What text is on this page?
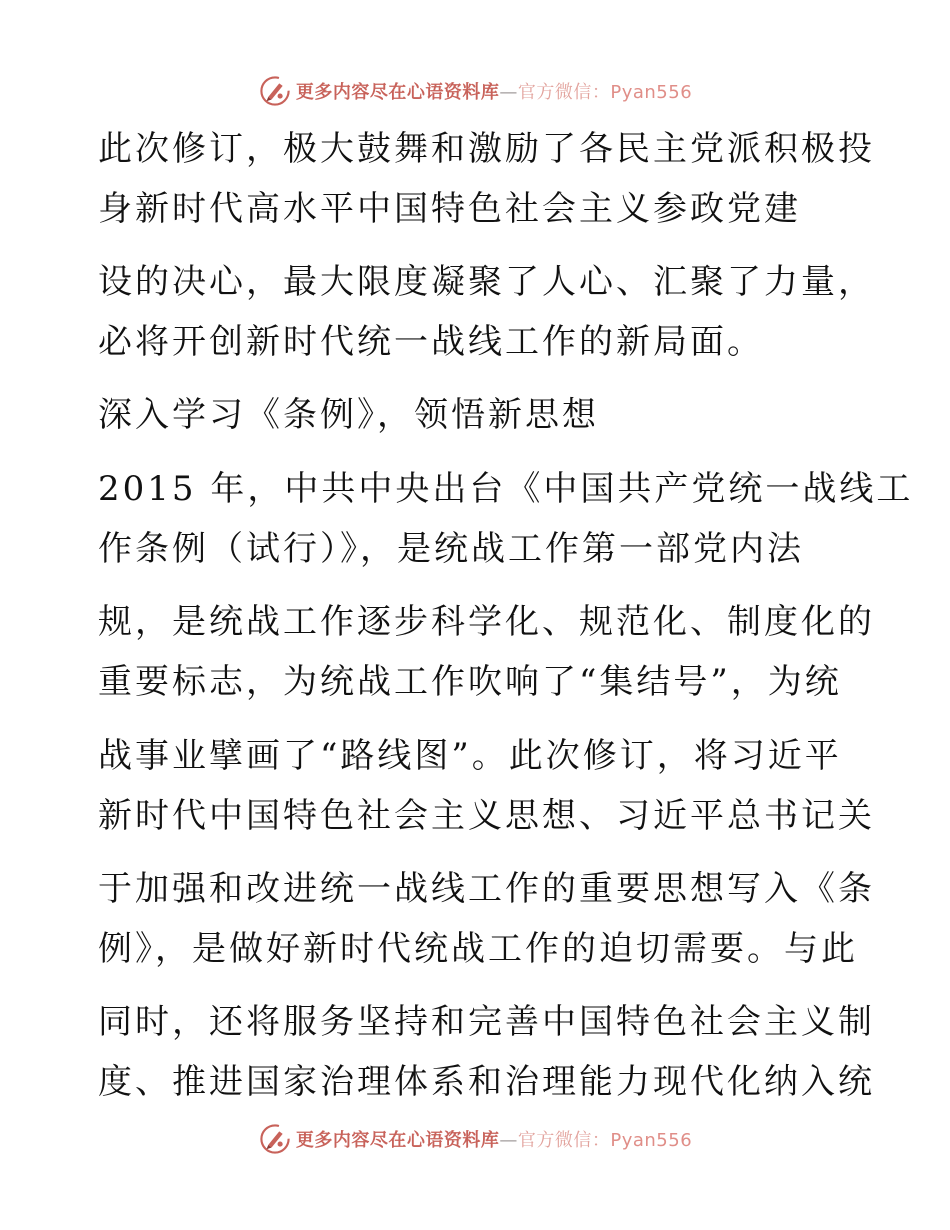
更多内容尽在心语资料库—官方微信：Pyan556
此次修订，极大鼓舞和激励了各民主党派积极投
身新时代高水平中国特色社会主义参政党建
设的决心，最大限度凝聚了人心、汇聚了力量，
必将开创新时代统一战线工作的新局面。
深入学习《条例》，领悟新思想
2015 年，中共中央出台《中国共产党统一战线工
作条例（试行）》，是统战工作第一部党内法
规，是统战工作逐步科学化、规范化、制度化的
重要标志，为统战工作吹响了“集结号”，为统
战事业擘画了“路线图”。此次修订，将习近平
新时代中国特色社会主义思想、习近平总书记关
于加强和改进统一战线工作的重要思想写入《条
例》，是做好新时代统战工作的迫切需要。与此
同时，还将服务坚持和完善中国特色社会主义制
度、推进国家治理体系和治理能力现代化纳入统
更多内容尽在心语资料库—官方微信：Pyan556
